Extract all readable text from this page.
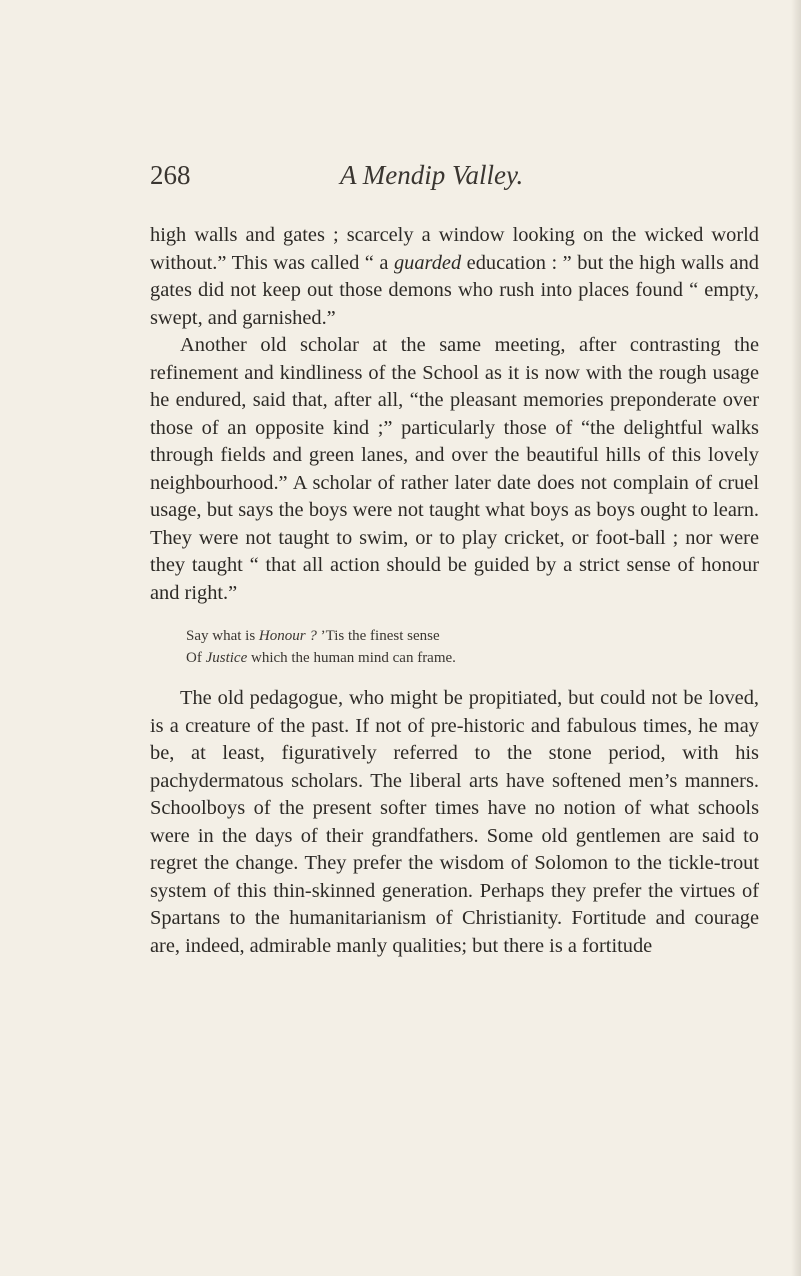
268	A Mendip Valley.

high walls and gates ; scarcely a window looking on the wicked world without.” This was called “ a guarded education : ” but the high walls and gates did not keep out those demons who rush into places found “ empty, swept, and garnished.”

Another old scholar at the same meeting, after contrasting the refinement and kindliness of the School as it is now with the rough usage he endured, said that, after all, “the pleasant memories preponderate over those of an opposite kind ;” particularly those of “the delightful walks through fields and green lanes, and over the beautiful hills of this lovely neighbourhood.” A scholar of rather later date does not complain of cruel usage, but says the boys were not taught what boys as boys ought to learn. They were not taught to swim, or to play cricket, or foot-ball ; nor were they taught “ that all action should be guided by a strict sense of honour and right.”

Say what is Honour ? ’Tis the finest sense
Of Justice which the human mind can frame.

The old pedagogue, who might be propitiated, but could not be loved, is a creature of the past. If not of pre-historic and fabulous times, he may be, at least, figuratively referred to the stone period, with his pachydermatous scholars. The liberal arts have softened men’s manners. Schoolboys of the present softer times have no notion of what schools were in the days of their grandfathers. Some old gentlemen are said to regret the change. They prefer the wisdom of Solomon to the tickle-trout system of this thin-skinned generation. Perhaps they prefer the virtues of Spartans to the humanitarianism of Christianity. Fortitude and courage are, indeed, admirable manly qualities; but there is a fortitude
